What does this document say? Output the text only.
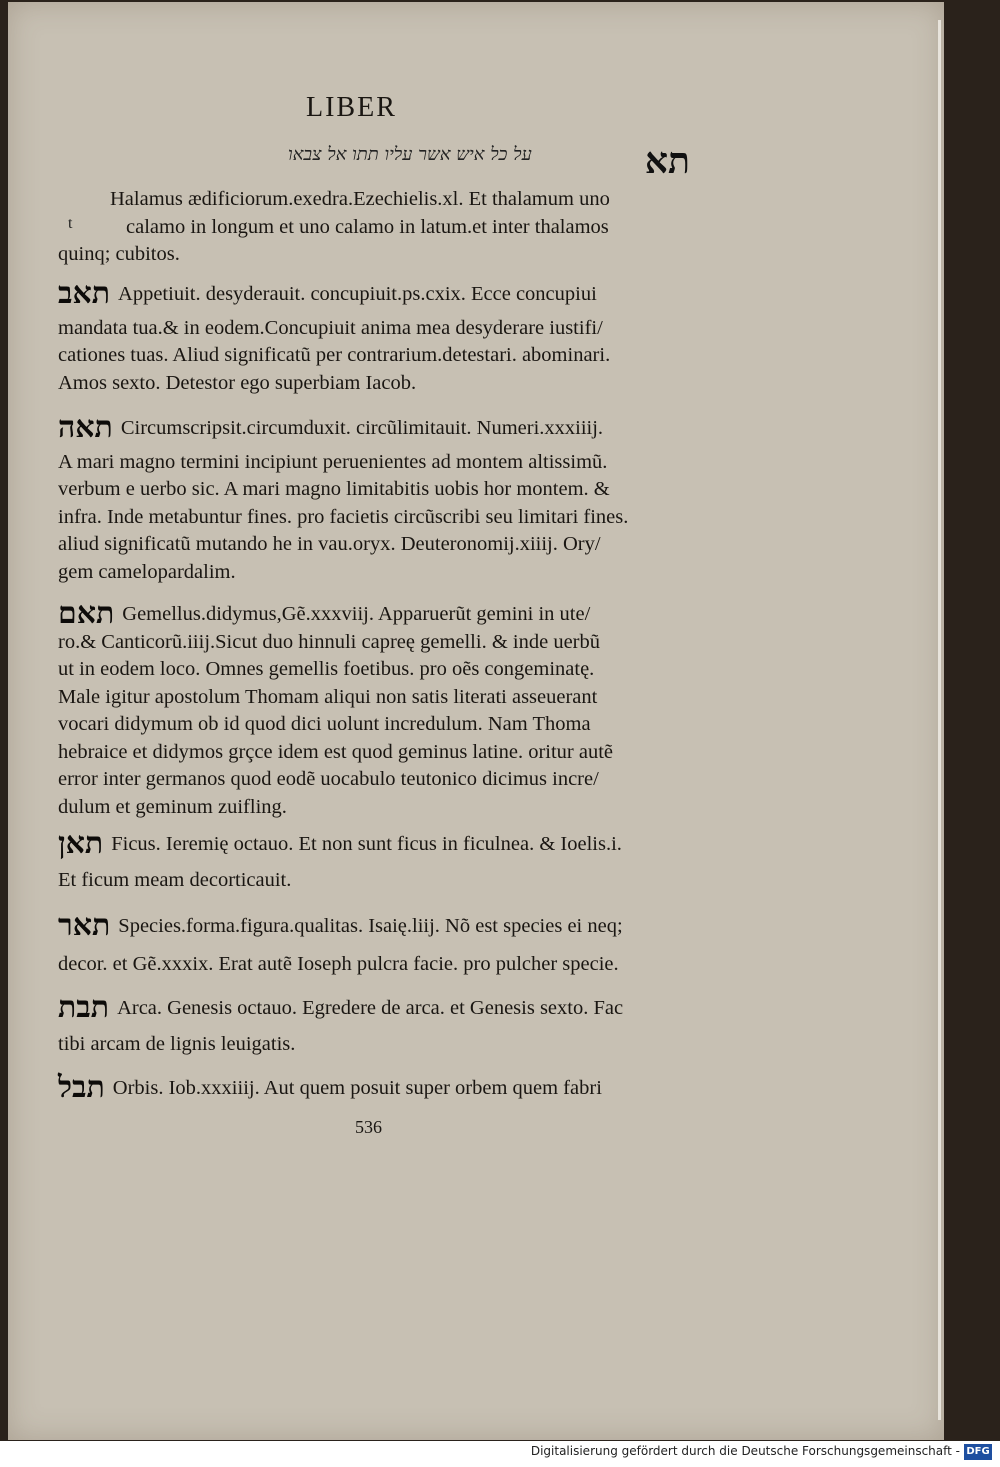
LIBER
על כל איש אשר עליו תתו אל צבאו	תא
t
Halamus ædificiorum.exedra.Ezechielis.xl. Et thalamum uno
calamo in longum et uno calamo in latum.et inter thalamos
quinq; cubitos.
תאב Appetiuit. desyderauit. concupiuit.ps.cxix. Ecce concupiui
mandata tua.& in eodem.Concupiuit anima mea desyderare iustifi/
cationes tuas. Aliud significatũ per contrarium.detestari. abominari.
Amos sexto. Detestor ego superbiam Iacob.
תאה Circumscripsit.circumduxit. circũlimitauit. Numeri.xxxiiij.
A mari magno termini incipiunt peruenientes ad montem altissimũ.
verbum e uerbo sic. A mari magno limitabitis uobis hor montem. &
infra. Inde metabuntur fines. pro facietis circũscribi seu limitari fines.
aliud significatũ mutando he in vau.oryx. Deuteronomij.xiiij. Ory/
gem camelopardalim.
תאם Gemellus.didymus,Gẽ.xxxviij. Apparuerũt gemini in ute/
ro.& Canticorũ.iiij.Sicut duo hinnuli capreę gemelli. & inde uerbũ
ut in eodem loco. Omnes gemellis foetibus. pro oẽs congeminatę.
Male igitur apostolum Thomam aliqui non satis literati asseuerant
vocari didymum ob id quod dici uolunt incredulum. Nam Thoma
hebraice et didymos grçce idem est quod geminus latine. oritur autẽ
error inter germanos quod eodẽ uocabulo teutonico dicimus incre/
dulum et geminum zuifling.
תאן Ficus. Ieremię octauo. Et non sunt ficus in ficulnea. & Ioelis.i.
Et ficum meam decorticauit.
תאר Species.forma.figura.qualitas. Isaię.liij. Nõ est species ei neq;
decor. et Gẽ.xxxix. Erat autẽ Ioseph pulcra facie. pro pulcher specie.
תבת Arca. Genesis octauo. Egredere de arca. et Genesis sexto. Fac
tibi arcam de lignis leuigatis.
תבל Orbis. Iob.xxxiiij. Aut quem posuit super orbem quem fabri
536
Digitalisierung gefördert durch die Deutsche Forschungsgemeinschaft - DFG
